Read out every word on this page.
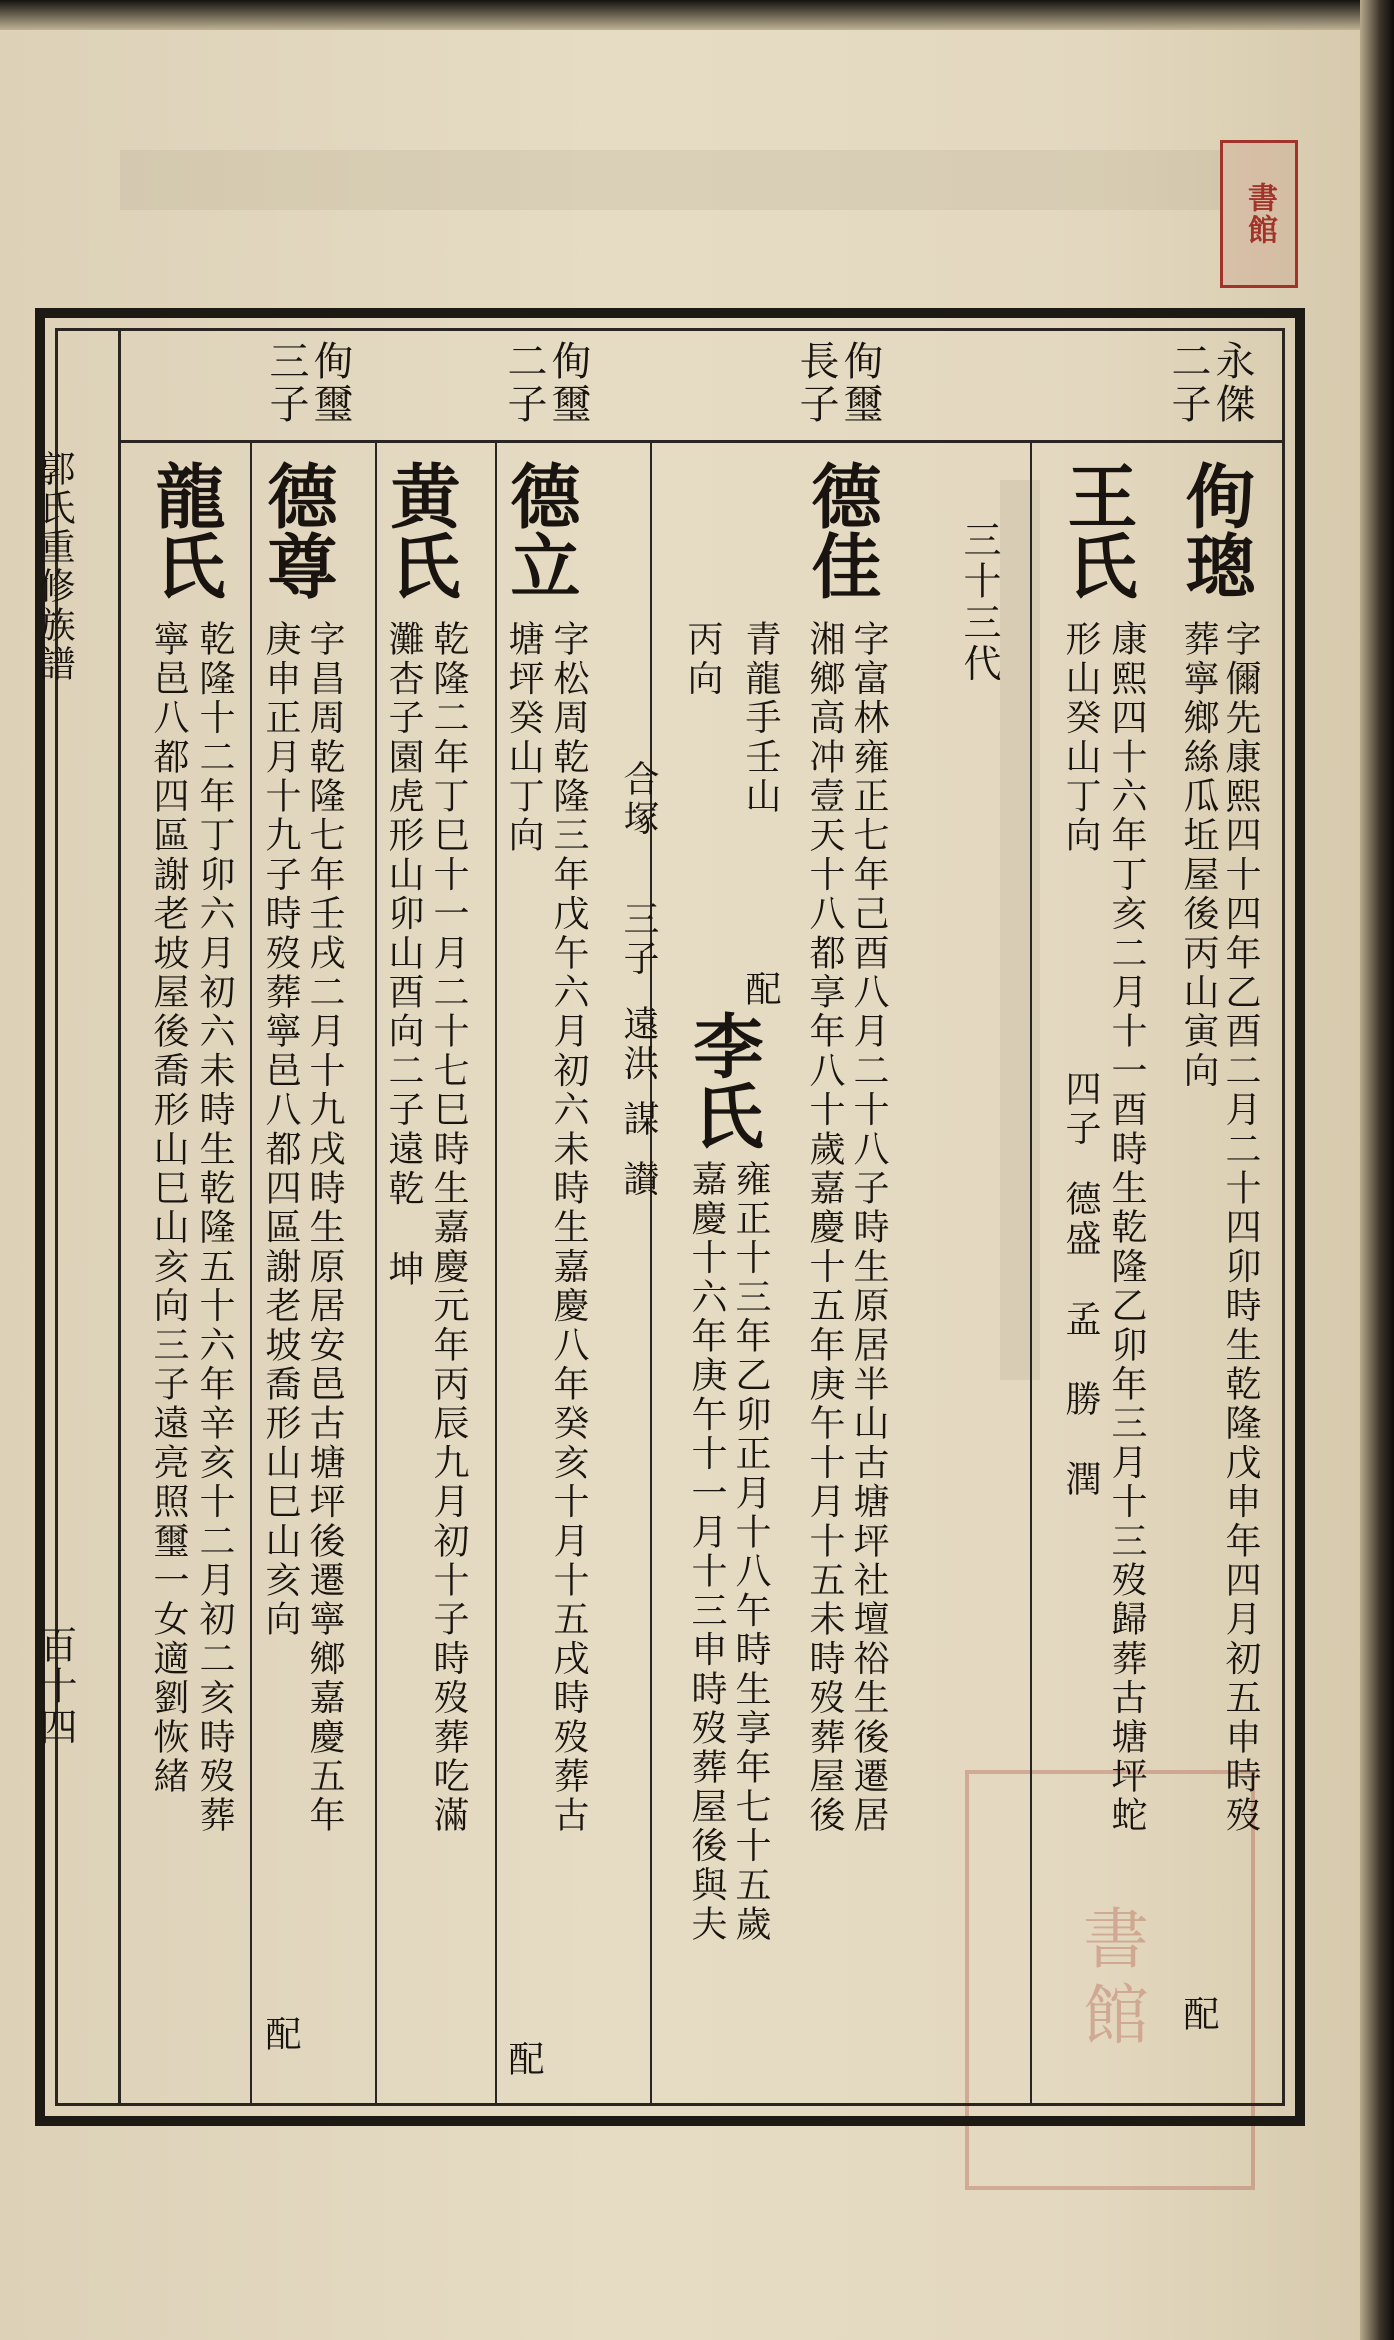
書館
書館
郭氏重修族譜
百十四
永傑
二子
侚璽
長子
侚璽
二子
侚璽
三子
侚璁
字儞先康熙四十四年乙酉二月二十四卯時生乾隆戊申年四月初五申時歿
葬寧鄉絲瓜坵屋後丙山寅向
配
王氏
康熙四十六年丁亥二月十一酉時生乾隆乙卯年三月十三歿歸葬古塘坪蛇
形山癸山丁向
四子
德盛
孟
勝
潤
三十三代
德佳
字富林雍正七年己酉八月二十八子時生原居半山古塘坪社壇𥙿生後遷居
湘鄉高冲壹天十八都享年八十歲嘉慶十五年庚午十月十五未時歿葬屋後
青龍手壬山
配
丙向
李氏
雍正十三年乙卯正月十八午時生享年七十五歲
嘉慶十六年庚午十一月十三申時歿葬屋後與夫
合塚
三子
遠洪
謀
讃
德立
字松周乾隆三年戊午六月初六未時生嘉慶八年癸亥十月十五戌時歿葬古
塘坪癸山丁向
配
黄氏
乾隆二年丁巳十一月二十七巳時生嘉慶元年丙辰九月初十子時歿葬吃滿
灘杏子園虎形山卯山酉向二子
遠乾
坤
德尊
字昌周乾隆七年壬戌二月十九戌時生原居安邑古塘坪後遷寧鄉嘉慶五年
庚申正月十九子時歿葬寧邑八都四區謝老坡喬形山巳山亥向
配
龍氏
乾隆十二年丁卯六月初六未時生乾隆五十六年辛亥十二月初二亥時歿葬
寧邑八都四區謝老坡屋後喬形山巳山亥向三子遠亮照璽一女適劉恢緒
